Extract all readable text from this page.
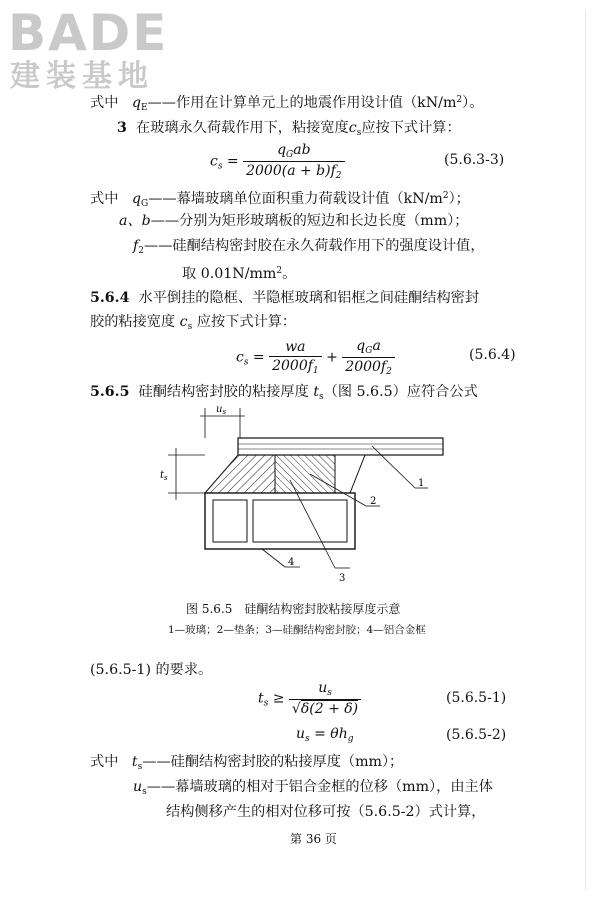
BADE
建装基地
式中 $q_E——$作用在计算单元上的地震作用设计值$(kN/m^2)$。
3 在玻璃永久荷载作用下，粘接宽度$c_s$应按下式计算：
$c_s = \frac{q_Gab}{2000(a + b)f_2}$	(5.6.3-3)
式中 $q_G——$幕墙玻璃单位面积重力荷载设计值$(kN/m^2)$；
a、b——分别为矩形玻璃板的短边和长边长度（mm）；
$f_2——$硅酮结构密封胶在永久荷载作用下的强度设计值，
取 $0.01N/mm^2$。
5.6.4 水平倒挂的隐框、半隐框玻璃和铝框之间硅酮结构密封
胶的粘接宽度 $c_s$ 应按下式计算：
$c_s = \frac{wa}{2000f_1} + \frac{q_Ga}{2000f_2}$	(5.6.4)
5.6.5 硅酮结构密封胶的粘接厚度 $t_s$（图 5.6.5）应符合公式
$u_s$
$t_s$	1
2
3
4
图 5.6.5　硅酮结构密封胶粘接厚度示意
1—玻璃；2—垫条；3—硅酮结构密封胶；4—铝合金框
(5.6.5-1) 的要求。
$t_s \ge \frac{u_s}{√\delta(2 + \delta)}$	(5.6.5-1)
$u_s = \theta h_g$	(5.6.5-2)
式中 $t_s——$硅酮结构密封胶的粘接厚度（mm）；
$u_s——$幕墙玻璃的相对于铝合金框的位移（mm），由主体
结构侧移产生的相对位移可按（5.6.5-2）式计算，
第 36 页
